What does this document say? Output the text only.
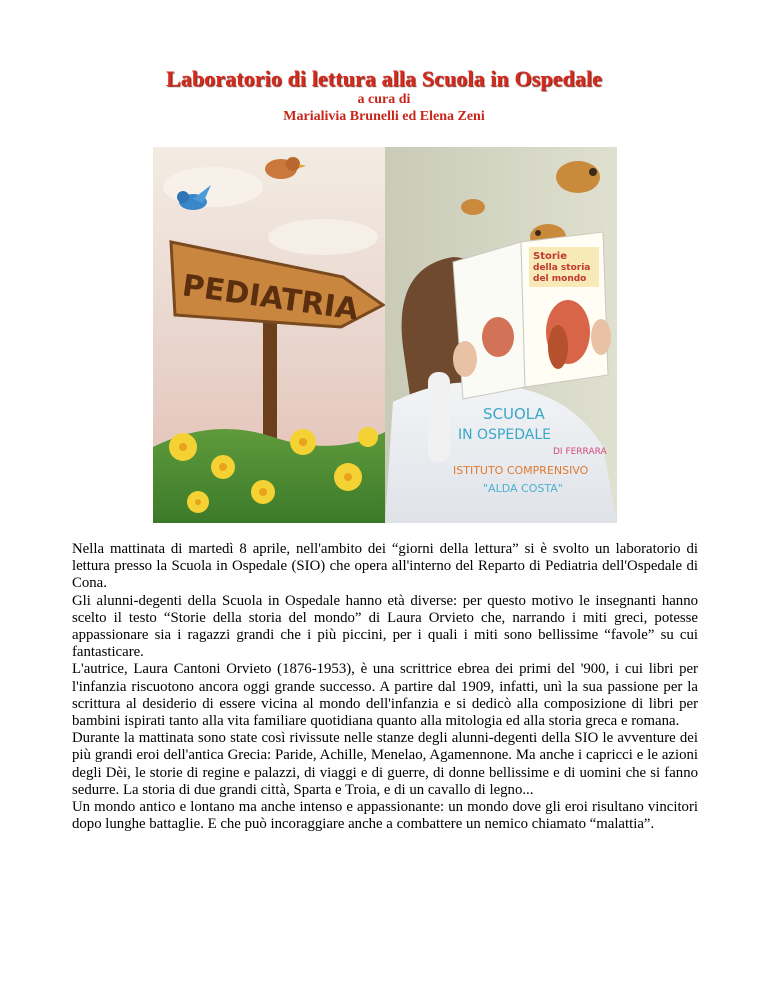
Laboratorio di lettura alla Scuola in Ospedale
a cura di
Marialivia Brunelli ed Elena Zeni
PEDIATRIA
Storie
della storia
del mondo
SCUOLA
IN OSPEDALE
DI FERRARA
ISTITUTO COMPRENSIVO
"ALDA COSTA"

Nella mattinata di martedì 8 aprile, nell'ambito dei “giorni della lettura” si è svolto un laboratorio di lettura presso la Scuola in Ospedale (SIO) che opera all'interno del Reparto di Pediatria dell'Ospedale di Cona.

Gli alunni-degenti della Scuola in Ospedale hanno età diverse: per questo motivo le insegnanti hanno scelto il testo “Storie della storia del mondo” di Laura Orvieto che, narrando i miti greci, potesse appassionare sia i ragazzi grandi che i più piccini, per i quali i miti sono bellissime “favole” su cui fantasticare.

L'autrice, Laura Cantoni Orvieto (1876-1953), è una scrittrice ebrea dei primi del '900, i cui libri per l'infanzia riscuotono ancora oggi grande successo. A partire dal 1909, infatti, unì la sua passione per la scrittura al desiderio di essere vicina al mondo dell'infanzia e si dedicò alla composizione di libri per bambini ispirati tanto alla vita familiare quotidiana quanto alla mitologia ed alla storia greca e romana.

Durante la mattinata sono state così rivissute nelle stanze degli alunni-degenti della SIO le avventure dei più grandi eroi dell'antica Grecia: Paride, Achille, Menelao, Agamennone. Ma anche i capricci e le azioni degli Dèi, le storie di regine e palazzi, di viaggi e di guerre, di donne bellissime e di uomini che si fanno sedurre. La storia di due grandi città, Sparta e Troia, e di un cavallo di legno...

Un mondo antico e lontano ma anche intenso e appassionante: un mondo dove gli eroi risultano vincitori dopo lunghe battaglie. E che può incoraggiare anche a combattere un nemico chiamato “malattia”.
